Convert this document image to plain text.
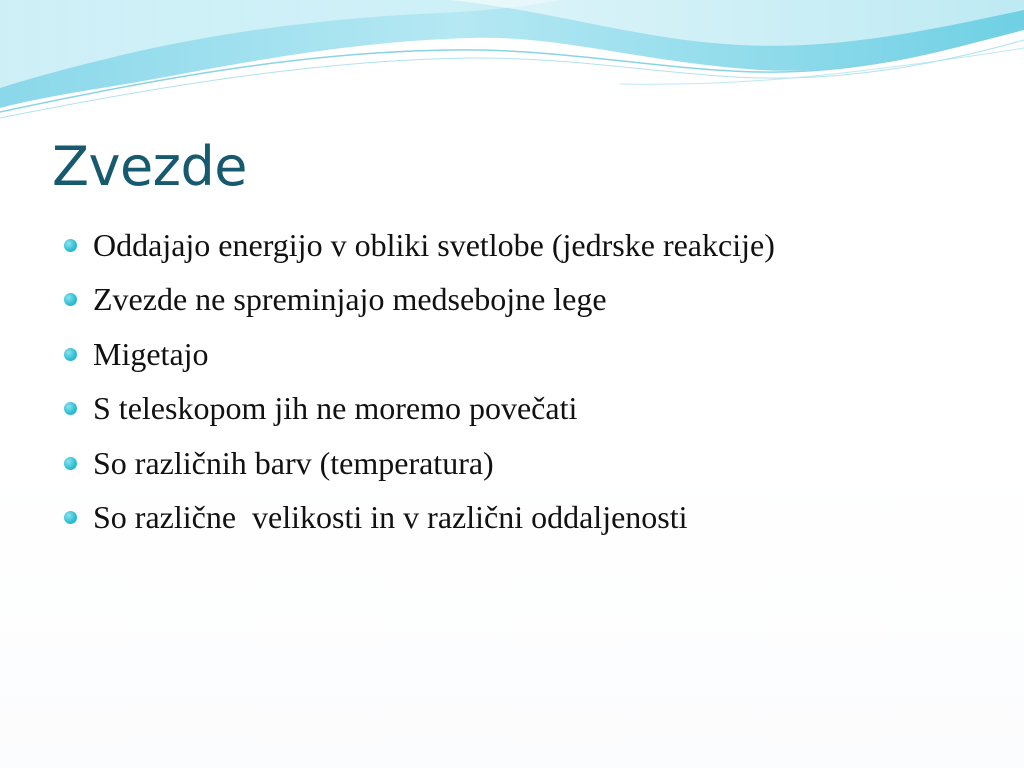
Zvezde
Oddajajo energijo v obliki svetlobe (jedrske reakcije)
Zvezde ne spreminjajo medsebojne lege
Migetajo
S teleskopom jih ne moremo povečati
So različnih barv (temperatura)
So različne  velikosti in v različni oddaljenosti
